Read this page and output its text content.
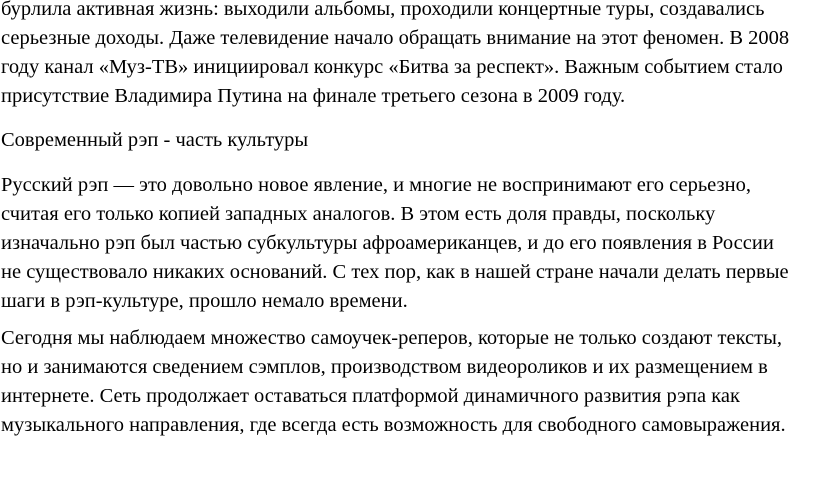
бурлила активная жизнь: выходили альбомы, проходили концертные туры, создавались
серьезные доходы. Даже телевидение начало обращать внимание на этот феномен. В 2008
году канал «Муз-ТВ» инициировал конкурс «Битва за респект». Важным событием стало
присутствие Владимира Путина на финале третьего сезона в 2009 году.

Современный рэп - часть культуры

Русский рэп — это довольно новое явление, и многие не воспринимают его серьезно,
считая его только копией западных аналогов. В этом есть доля правды, поскольку
изначально рэп был частью субкультуры афроамериканцев, и до его появления в России
не существовало никаких оснований. С тех пор, как в нашей стране начали делать первые
шаги в рэп-культуре, прошло немало времени.

Сегодня мы наблюдаем множество самоучек-реперов, которые не только создают тексты,
но и занимаются сведением сэмплов, производством видеороликов и их размещением в
интернете. Сеть продолжает оставаться платформой динамичного развития рэпа как
музыкального направления, где всегда есть возможность для свободного самовыражения.
